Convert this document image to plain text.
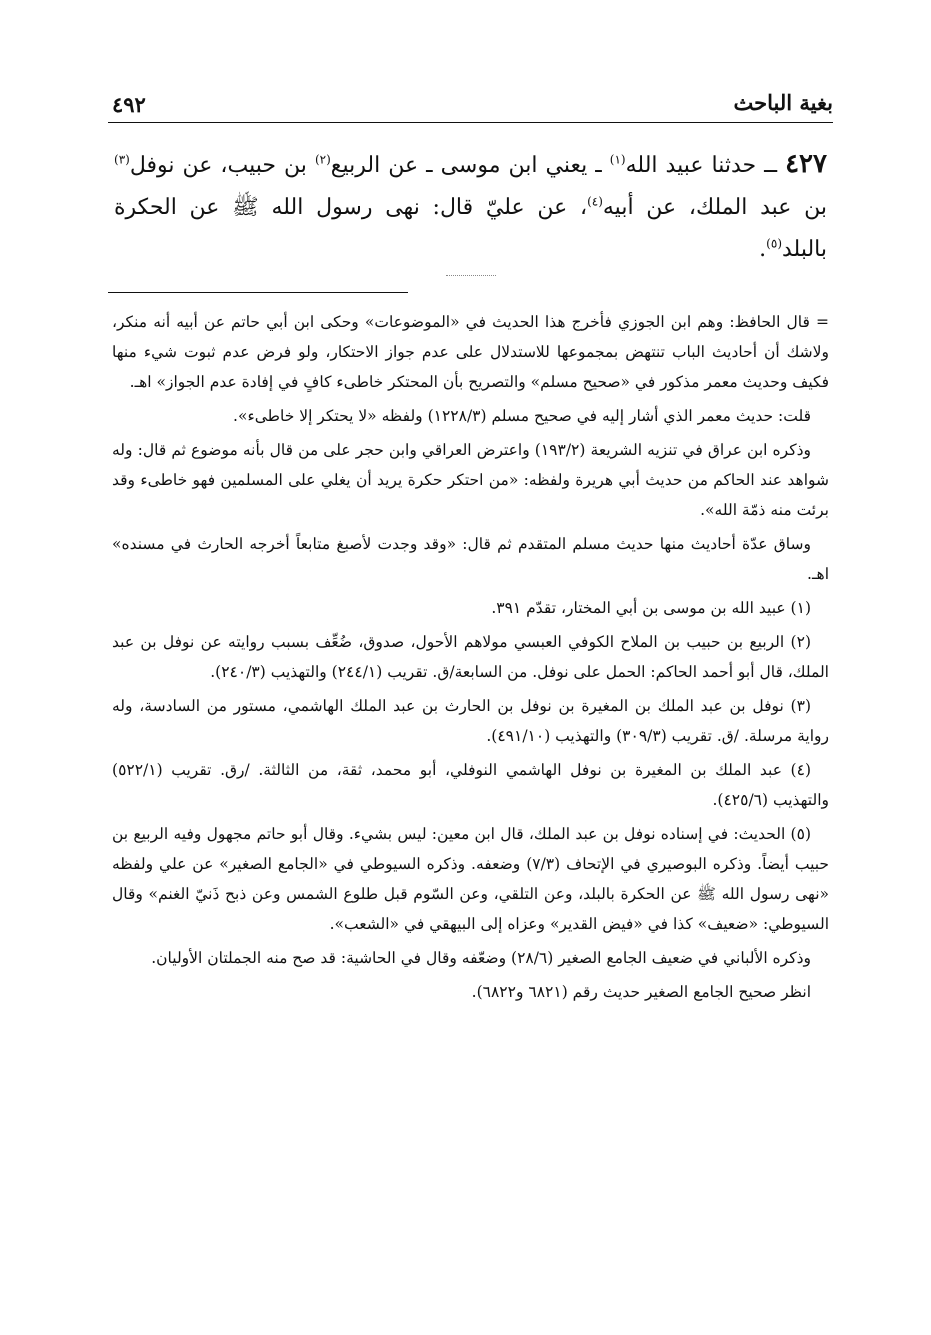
بغية الباحث
٤٩٢
٤٢٧ ــ حدثنا عبيد الله$^{(١)}$ ـ يعني ابن موسى ـ عن الربيع$^{(٢)}$ بن حبيب، عن نوفل$^{(٣)}$ بن عبد الملك، عن أبيه$^{(٤)}$، عن عليّ قال: نهى رسول الله ﷺ عن الحكرة بالبلد$^{(٥)}$.

= قال الحافظ: وهم ابن الجوزي فأخرج هذا الحديث في «الموضوعات» وحكى ابن أبي حاتم عن أبيه أنه منكر، ولاشك أن أحاديث الباب تنتهض بمجموعها للاستدلال على عدم جواز الاحتكار، ولو فرض عدم ثبوت شيء منها فكيف وحديث معمر مذكور في «صحيح مسلم» والتصريح بأن المحتكر خاطىء كافٍ في إفادة عدم الجواز» اهـ.

قلت: حديث معمر الذي أشار إليه في صحيح مسلم (١٢٢٨/٣) ولفظه «لا يحتكر إلا خاطىء».

وذكره ابن عراق في تنزيه الشريعة (١٩٣/٢) واعترض العراقي وابن حجر على من قال بأنه موضوع ثم قال: وله شواهد عند الحاكم من حديث أبي هريرة ولفظه: «من احتكر حكرة يريد أن يغلي على المسلمين فهو خاطىء وقد برئت منه ذمّة الله».

وساق عدّة أحاديث منها حديث مسلم المتقدم ثم قال: «وقد وجدت لأصبغ متابعاً أخرجه الحارث في مسنده» اهـ.

(١) عبيد الله بن موسى بن أبي المختار، تقدّم ٣٩١.

(٢) الربيع بن حبيب بن الملاح الكوفي العبسي مولاهم الأحول، صدوق، ضُعِّف بسبب روايته عن نوفل بن عبد الملك، قال أبو أحمد الحاكم: الحمل على نوفل. من السابعة/ق. تقريب (٢٤٤/١) والتهذيب (٢٤٠/٣).

(٣) نوفل بن عبد الملك بن المغيرة بن نوفل بن الحارث بن عبد الملك الهاشمي، مستور من السادسة، وله رواية مرسلة. /ق. تقريب (٣٠٩/٣) والتهذيب (٤٩١/١٠).

(٤) عبد الملك بن المغيرة بن نوفل الهاشمي النوفلي، أبو محمد، ثقة، من الثالثة. /رق. تقريب (٥٢٢/١) والتهذيب (٤٢٥/٦).

(٥) الحديث: في إسناده نوفل بن عبد الملك، قال ابن معين: ليس بشيء. وقال أبو حاتم مجهول وفيه الربيع بن حبيب أيضاً. وذكره البوصيري في الإتحاف (٧/٣) وضعفه. وذكره السيوطي في «الجامع الصغير» عن علي ولفظه «نهى رسول الله ﷺ عن الحكرة بالبلد، وعن التلقي، وعن السّوم قبل طلوع الشمس وعن ذبح ذَنيّ الغنم» وقال السيوطي: «ضعيف» كذا في «فيض القدير» وعزاه إلى البيهقي في «الشعب».

وذكره الألباني في ضعيف الجامع الصغير (٢٨/٦) وضعّفه وقال في الحاشية: قد صح منه الجملتان الأوليان.

انظر صحيح الجامع الصغير حديث رقم (٦٨٢١ و٦٨٢٢).
